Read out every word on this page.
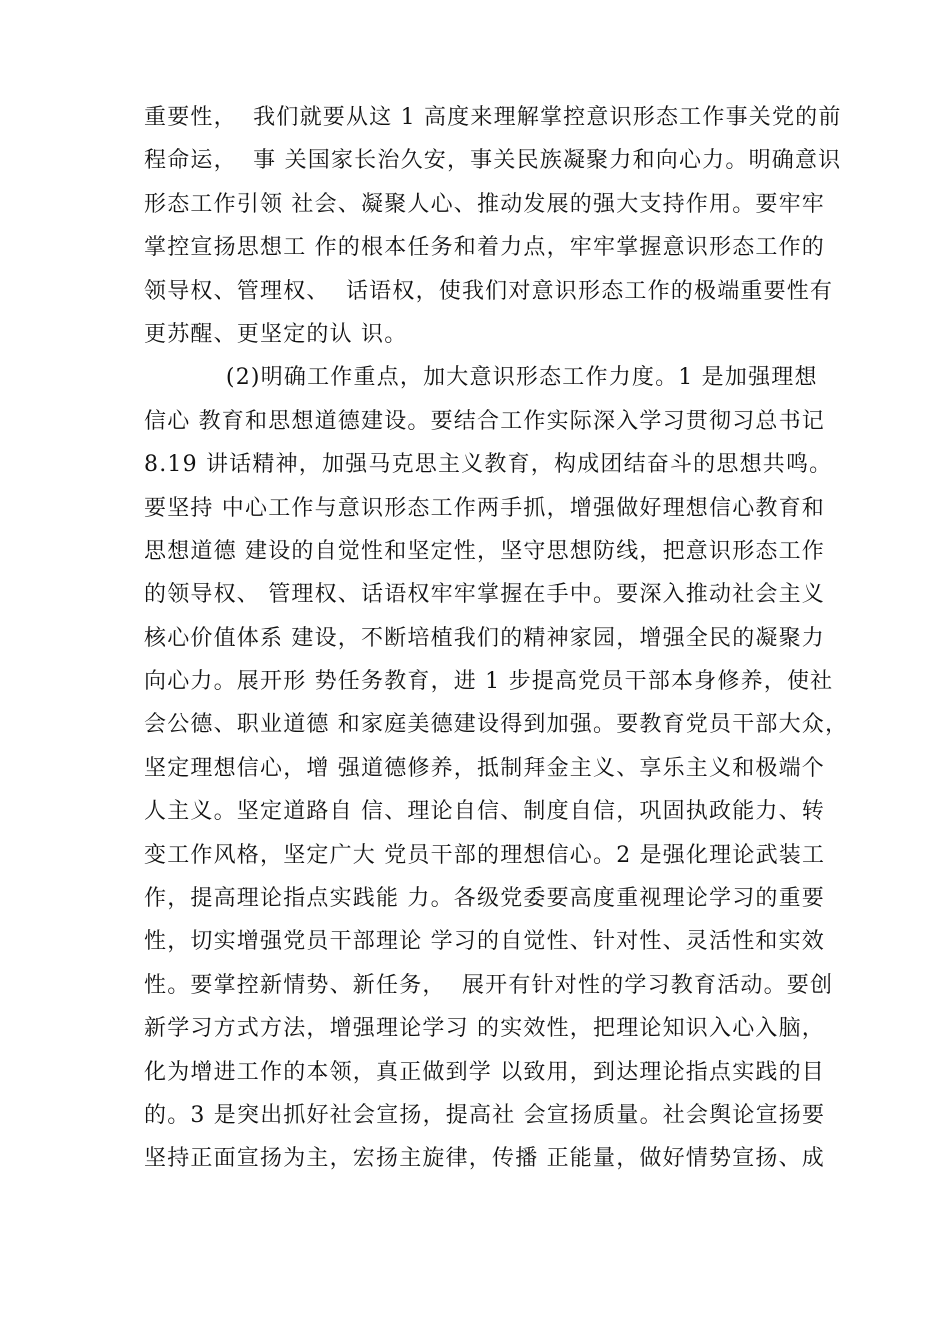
重要性，  我们就要从这 1 高度来理解掌控意识形态工作事关党的前
程命运，  事 关国家长治久安，事关民族凝聚力和向心力。明确意识
形态工作引领 社会、凝聚人心、推动发展的强大支持作用。要牢牢
掌控宣扬思想工 作的根本任务和着力点，牢牢掌握意识形态工作的
领导权、管理权、  话语权，使我们对意识形态工作的极端重要性有
更苏醒、更坚定的认 识。
(2)明确工作重点，加大意识形态工作力度。1 是加强理想
信心 教育和思想道德建设。要结合工作实际深入学习贯彻习总书记
8.19 讲话精神，加强马克思主义教育，构成团结奋斗的思想共鸣。
要坚持 中心工作与意识形态工作两手抓，增强做好理想信心教育和
思想道德 建设的自觉性和坚定性，坚守思想防线，把意识形态工作
的领导权、 管理权、话语权牢牢掌握在手中。要深入推动社会主义
核心价值体系 建设，不断培植我们的精神家园，增强全民的凝聚力
向心力。展开形 势任务教育，进 1 步提高党员干部本身修养，使社
会公德、职业道德 和家庭美德建设得到加强。要教育党员干部大众，
坚定理想信心，增 强道德修养，抵制拜金主义、享乐主义和极端个
人主义。坚定道路自 信、理论自信、制度自信，巩固执政能力、转
变工作风格，坚定广大 党员干部的理想信心。2 是强化理论武装工
作，提高理论指点实践能 力。各级党委要高度重视理论学习的重要
性，切实增强党员干部理论 学习的自觉性、针对性、灵活性和实效
性。要掌控新情势、新任务，  展开有针对性的学习教育活动。要创
新学习方式方法，增强理论学习 的实效性，把理论知识入心入脑，
化为增进工作的本领，真正做到学 以致用，到达理论指点实践的目
的。3 是突出抓好社会宣扬，提高社 会宣扬质量。社会舆论宣扬要
坚持正面宣扬为主，宏扬主旋律，传播 正能量，做好情势宣扬、成
